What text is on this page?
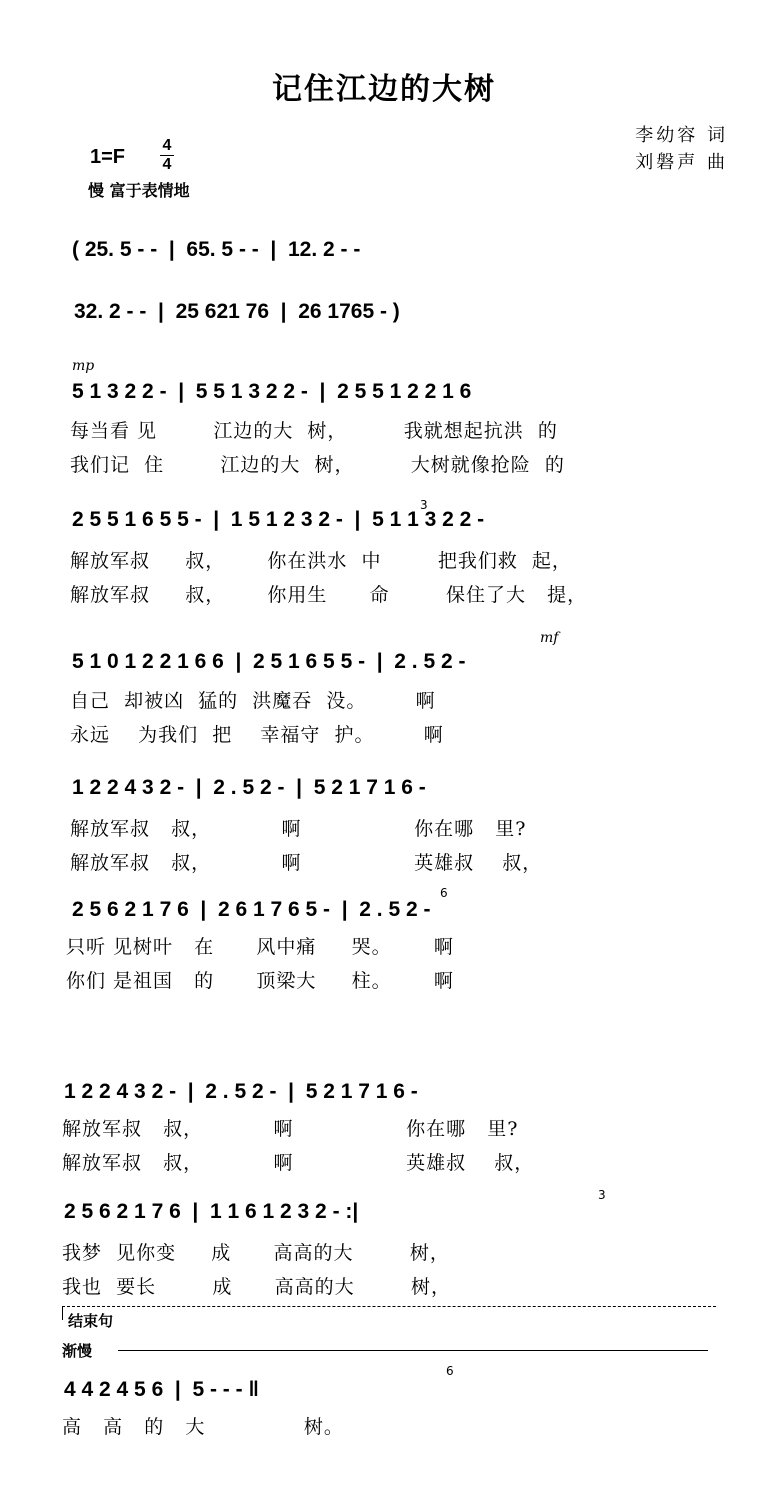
记住江边的大树
李幼容 词
刘磐声 曲
1=F
4
4
慢 富于表情地
( 25. 5 - -  |  65. 5 - -  |  12. 2 - -
32. 2 - -  |  25 621 76  |  26 1765 - )
mp
5 1 3 2 2 -  |  5 5 1 3 2 2 -  |  2 5 5 1 2 2 1 6
每当看 见        江边的大  树，        我就想起抗洪  的
我们记  住        江边的大  树，        大树就像抢险  的
3
2 5 5 1 6 5 5 -  |  1 5 1 2 3 2 -  |  5 1 1 3 2 2 -
解放军叔     叔，      你在洪水  中        把我们救  起，
解放军叔     叔，      你用生      命        保住了大   提，
mf
5 1 0 1 2 2 1 6 6  |  2 5 1 6 5 5 -  |  2 . 5 2 -
自己  却被凶  猛的  洪魔吞  没。       啊
永远    为我们  把    幸福守  护。       啊
1 2 2 4 3 2 -  |  2 . 5 2 -  |  5 2 1 7 1 6 -
解放军叔   叔，          啊                你在哪   里?
解放军叔   叔，          啊                英雄叔    叔，
6
2 5 6 2 1 7 6  |  2 6 1 7 6 5 -  |  2 . 5 2 -
只听 见树叶   在      风中痛     哭。      啊
你们 是祖国   的      顶梁大     柱。      啊
1 2 2 4 3 2 -  |  2 . 5 2 -  |  5 2 1 7 1 6 -
解放军叔   叔，          啊                你在哪   里?
解放军叔   叔，          啊                英雄叔    叔，
3
2 5 6 2 1 7 6  |  1 1 6 1 2 3 2 - :|
我梦  见你变     成      高高的大        树，
我也  要长        成      高高的大        树，
结束句
渐慢
6
4 4 2 4 5 6  |  5 - - - ‖
高   高   的   大              树。
